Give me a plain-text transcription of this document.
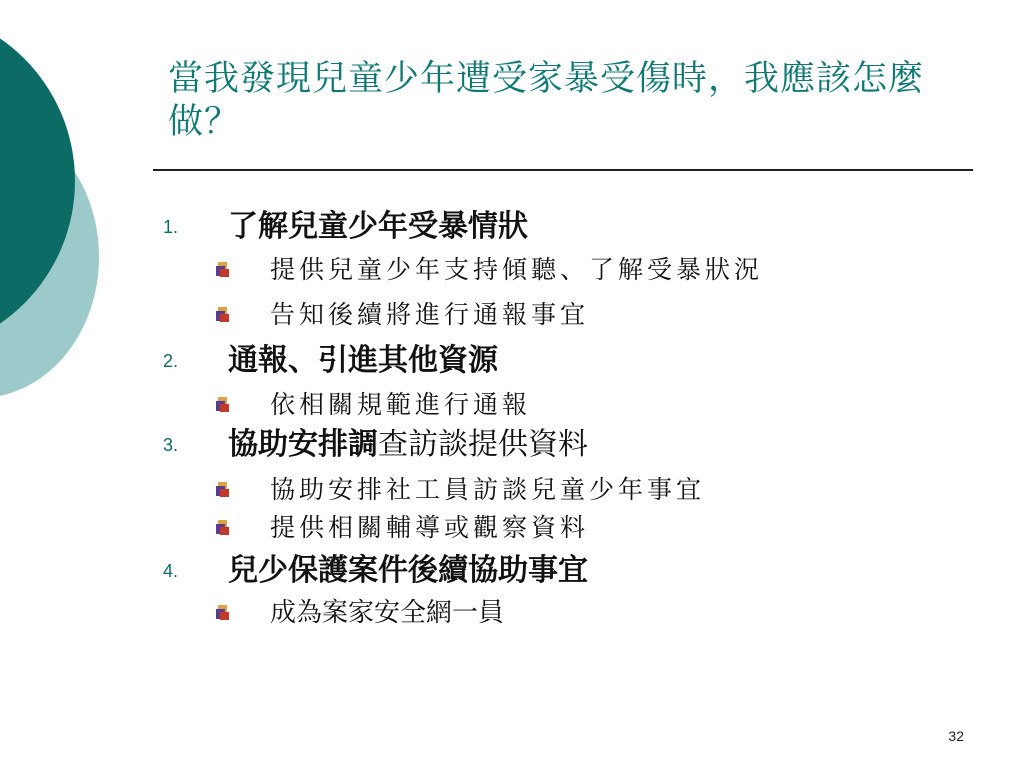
當我發現兒童少年遭受家暴受傷時，我應該怎麼做？
1. 了解兒童少年受暴情狀
提供兒童少年支持傾聽、了解受暴狀況
告知後續將進行通報事宜
2. 通報、引進其他資源
依相關規範進行通報
3. 協助安排調查訪談提供資料
協助安排社工員訪談兒童少年事宜
提供相關輔導或觀察資料
4. 兒少保護案件後續協助事宜
成為案家安全網一員
32
